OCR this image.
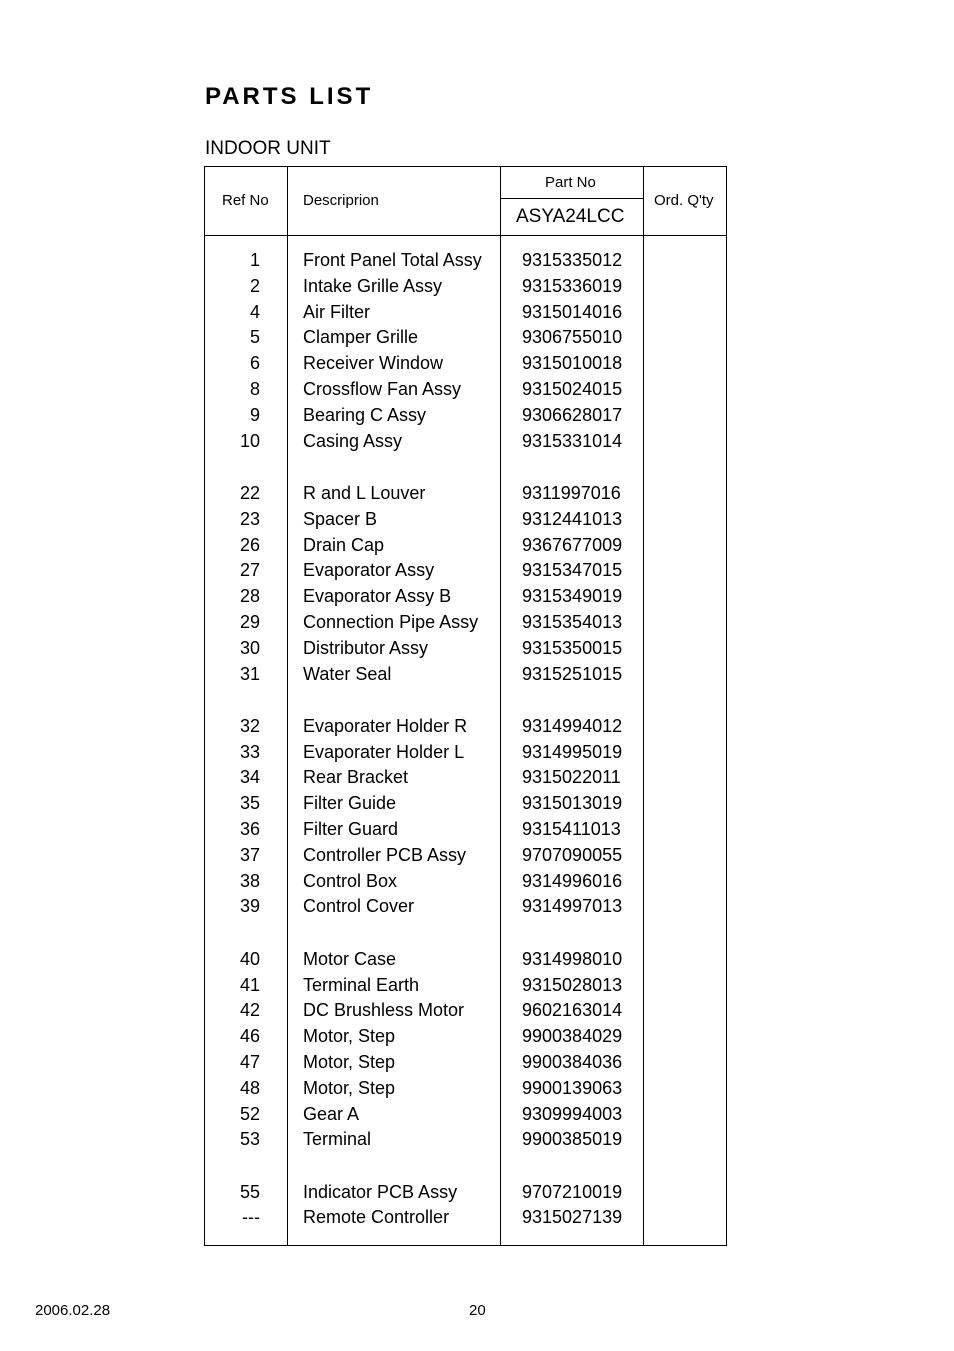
PARTS LIST
INDOOR UNIT
Ref No Descriprion
Part No
ASYA24LCC
Ord. Q'ty
1 Front Panel Total Assy 9315335012
2 Intake Grille Assy	9315336019
4 Air Filter	9315014016
5 Clamper Grille	9306755010
6 Receiver Window	9315010018
8 Crossflow Fan Assy	9315024015
9 Bearing C Assy	9306628017
10 Casing Assy	9315331014
22 R and L Louver	9311997016
23 Spacer B	9312441013
26 Drain Cap	9367677009
27 Evaporator Assy	9315347015
28 Evaporator Assy B	9315349019
29 Connection Pipe Assy 9315354013
30 Distributor Assy	9315350015
31 Water Seal	9315251015
32 Evaporater Holder R	9314994012
33 Evaporater Holder L	9314995019
34 Rear Bracket	9315022011
35 Filter Guide	9315013019
36 Filter Guard	9315411013
37 Controller PCB Assy	9707090055
38 Control Box	9314996016
39 Control Cover	9314997013
40 Motor Case	9314998010
41 Terminal Earth	9315028013
42 DC Brushless Motor	9602163014
46 Motor, Step	9900384029
47 Motor, Step	9900384036
48 Motor, Step	9900139063
52 Gear A	9309994003
53 Terminal	9900385019
55 Indicator PCB Assy	9707210019
--- Remote Controller	9315027139
2006.02.28	20
